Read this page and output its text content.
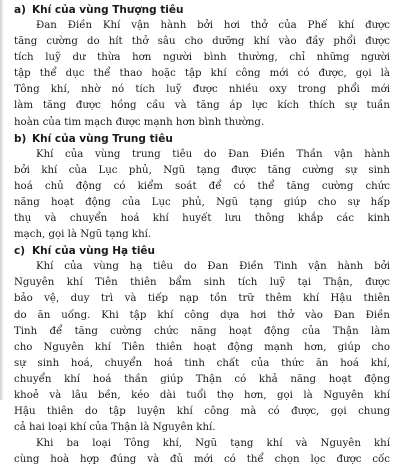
a) Khí của vùng Thượng tiêu

Đan Điền Khí vận hành bởi hơi thở của Phế khí được

tăng cường do hít thở sâu cho dưỡng khí vào đầy phổi được

tích luỹ dư thừa hơn người bình thường, chỉ những người

tập thể dục thể thao hoặc tập khí công mới có được, gọi là

Tông khí, nhờ nó tích luỹ được nhiều oxy trong phổi mới

làm tăng được hồng cầu và tăng áp lực kích thích sự tuần

hoàn của tim mạch được mạnh hơn bình thường.

b) Khí của vùng Trung tiêu

Khí của vùng trung tiêu do Đan Điền Thần vận hành

bởi khí của Lục phủ, Ngũ tạng được tăng cường sự sinh

hoá chủ động có kiểm soát để có thể tăng cường chức

năng hoạt động của Lục phủ, Ngũ tạng giúp cho sự hấp

thụ và chuyển hoá khí huyết lưu thông khắp các kinh

mạch, gọi là Ngũ tạng khí.

c) Khí của vùng Hạ tiêu

Khí của vùng hạ tiêu do Đan Điền Tinh vận hành bởi

Nguyên khí Tiên thiên bẩm sinh tích luỹ tại Thận, được

bảo vệ, duy trì và tiếp nạp tồn trữ thêm khí Hậu thiên

do ăn uống. Khi tập khí công dựa hơi thở vào Đan Điền

Tinh để tăng cường chức năng hoạt động của Thận làm

cho Nguyên khí Tiên thiên hoạt động mạnh hơn, giúp cho

sự sinh hoá, chuyển hoá tinh chất của thức ăn hoá khí,

chuyển khí hoá thần giúp Thận có khả năng hoạt động

khoẻ và lâu bền, kéo dài tuổi thọ hơn, gọi là Nguyên khí

Hậu thiên do tập luyện khí công mà có được, gọi chung

cả hai loại khí của Thận là Nguyên khí.

Khi ba loại Tông khí, Ngũ tạng khí và Nguyên khí

cùng hoà hợp đúng và đủ mới có thể chọn lọc được cốc
